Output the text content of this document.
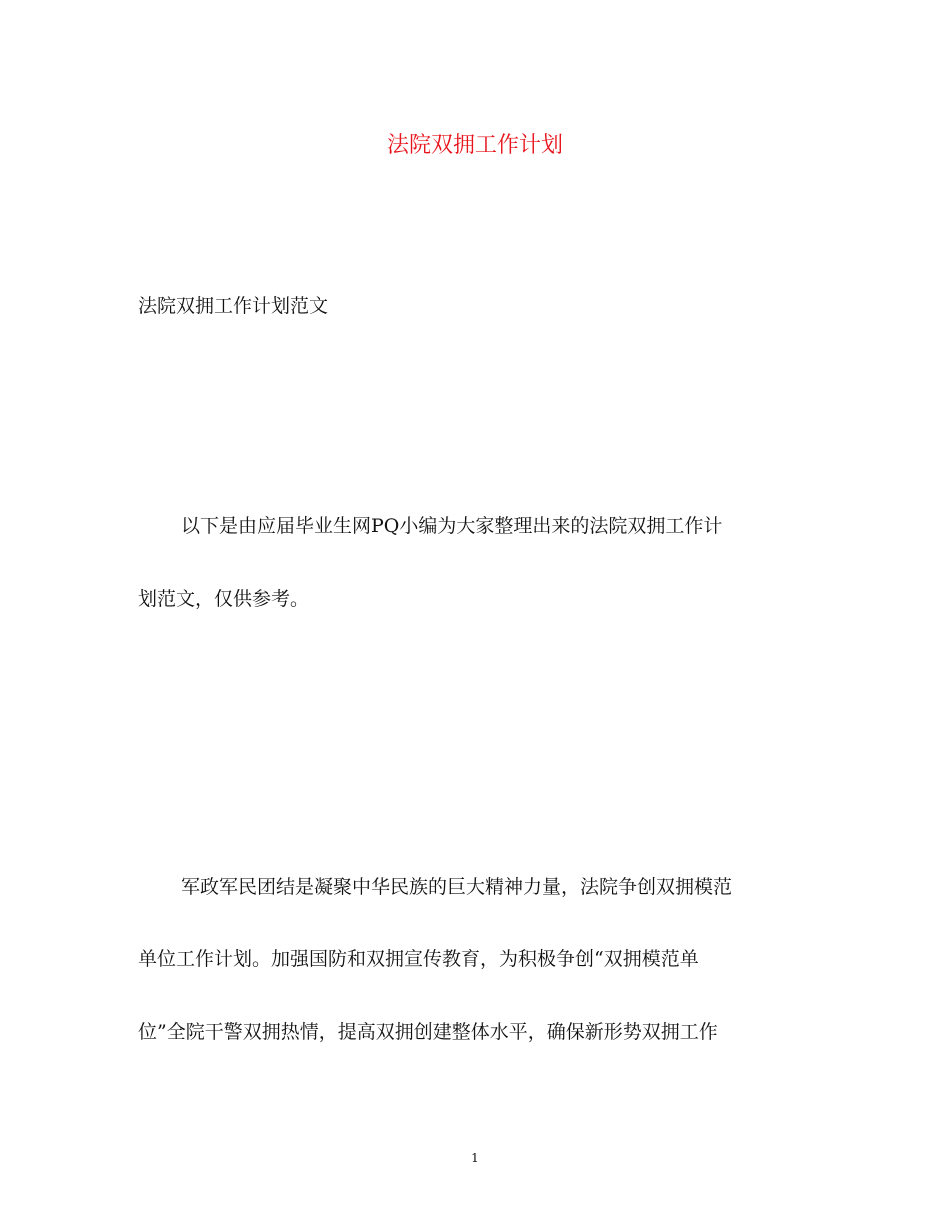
法院双拥工作计划
法院双拥工作计划范文
以下是由应届毕业生网PQ小编为大家整理出来的法院双拥工作计
划范文，仅供参考。
军政军民团结是凝聚中华民族的巨大精神力量，法院争创双拥模范
单位工作计划。加强国防和双拥宣传教育，为积极争创“双拥模范单
位”全院干警双拥热情，提高双拥创建整体水平，确保新形势双拥工作
1
